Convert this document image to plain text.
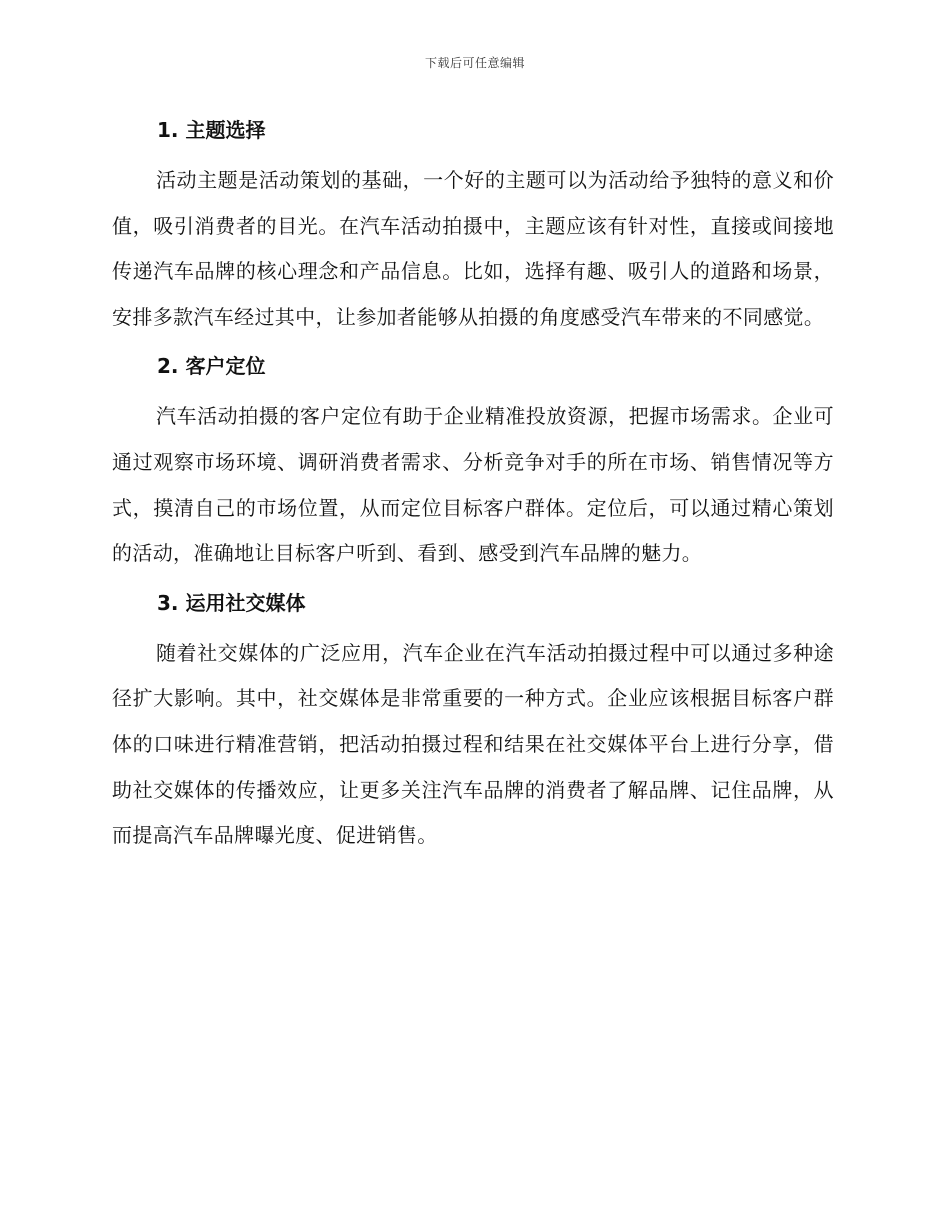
下载后可任意编辑
1. 主题选择

活动主题是活动策划的基础，一个好的主题可以为活动给予独特的意义和价值，吸引消费者的目光。在汽车活动拍摄中，主题应该有针对性，直接或间接地传递汽车品牌的核心理念和产品信息。比如，选择有趣、吸引人的道路和场景，安排多款汽车经过其中，让参加者能够从拍摄的角度感受汽车带来的不同感觉。

2. 客户定位

汽车活动拍摄的客户定位有助于企业精准投放资源，把握市场需求。企业可通过观察市场环境、调研消费者需求、分析竞争对手的所在市场、销售情况等方式，摸清自己的市场位置，从而定位目标客户群体。定位后，可以通过精心策划的活动，准确地让目标客户听到、看到、感受到汽车品牌的魅力。

3. 运用社交媒体

随着社交媒体的广泛应用，汽车企业在汽车活动拍摄过程中可以通过多种途径扩大影响。其中，社交媒体是非常重要的一种方式。企业应该根据目标客户群体的口味进行精准营销，把活动拍摄过程和结果在社交媒体平台上进行分享，借助社交媒体的传播效应，让更多关注汽车品牌的消费者了解品牌、记住品牌，从而提高汽车品牌曝光度、促进销售。
